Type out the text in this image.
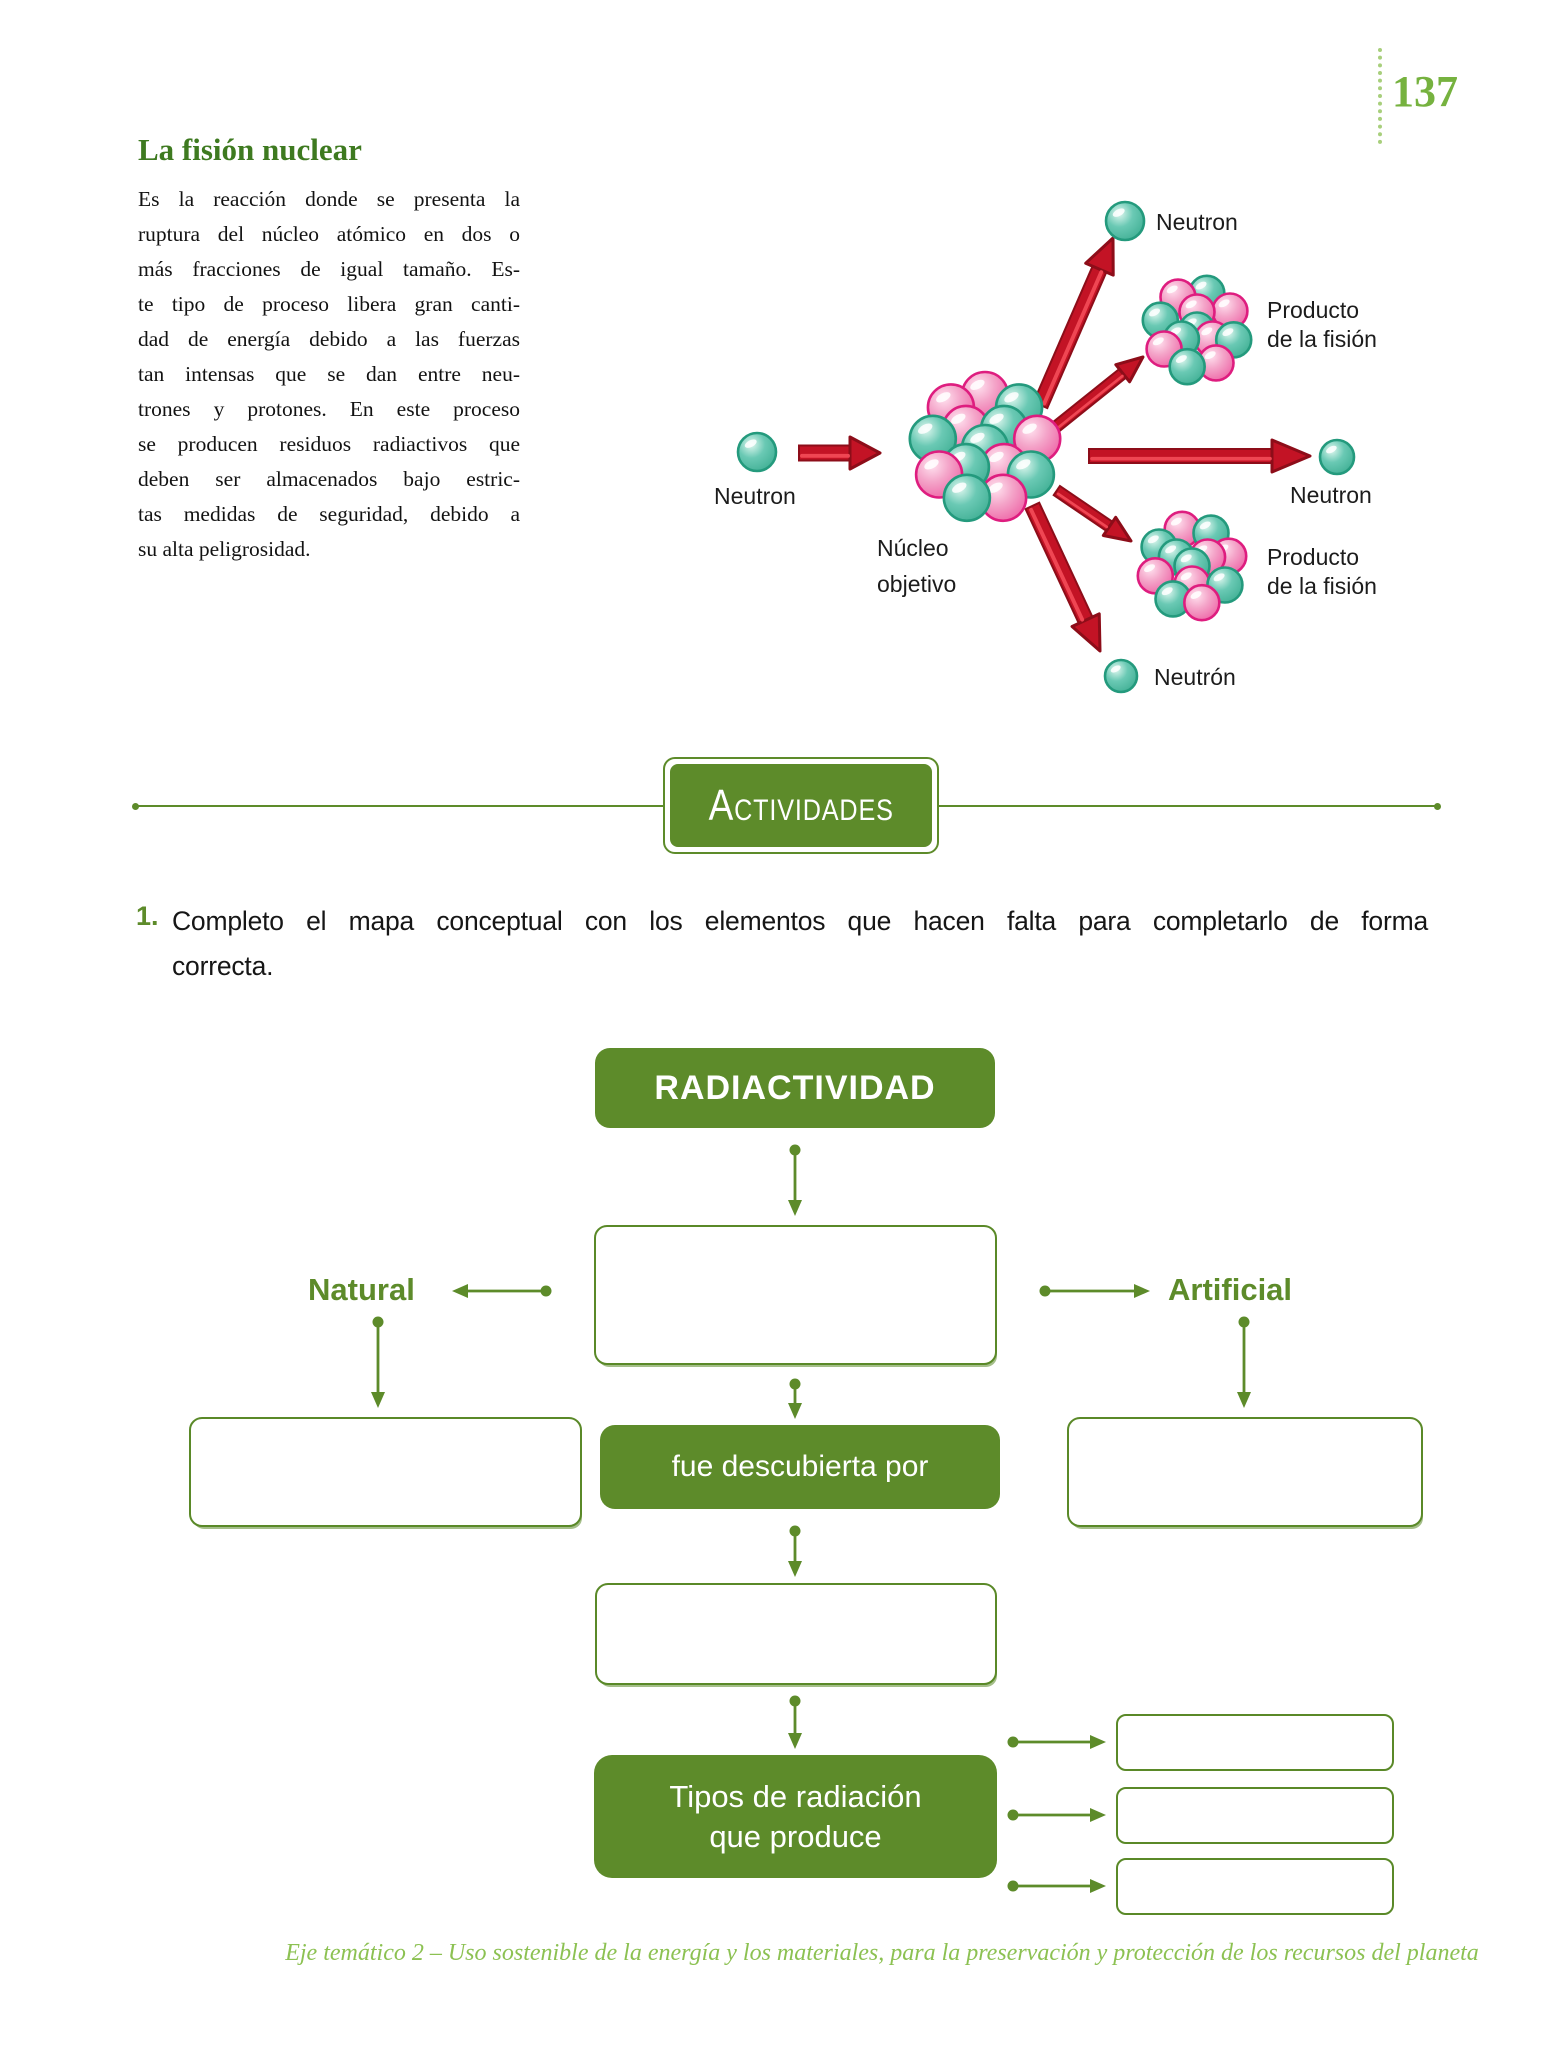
137
La fisión nuclear
Es la reacción donde se presenta la
ruptura del núcleo atómico en dos o
más fracciones de igual tamaño. Es-
te tipo de proceso libera gran canti-
dad de energía debido a las fuerzas
tan intensas que se dan entre neu-
trones y protones. En este proceso
se producen residuos radiactivos que
deben ser almacenados bajo estric-
tas medidas de seguridad, debido a
su alta peligrosidad.
Neutron
Producto
de la fisión
Neutron
Núcleo
objetivo
Neutron
Producto
de la fisión
Neutrón
ACTIVIDADES
1. Completo el mapa conceptual con los elementos que hacen falta para completarlo de forma
correcta.
RADIACTIVIDAD
Natural	Artificial
fue descubierta por
Tipos de radiación
que produce
Eje temático 2 – Uso sostenible de la energía y los materiales, para la preservación y protección de los recursos del planeta
